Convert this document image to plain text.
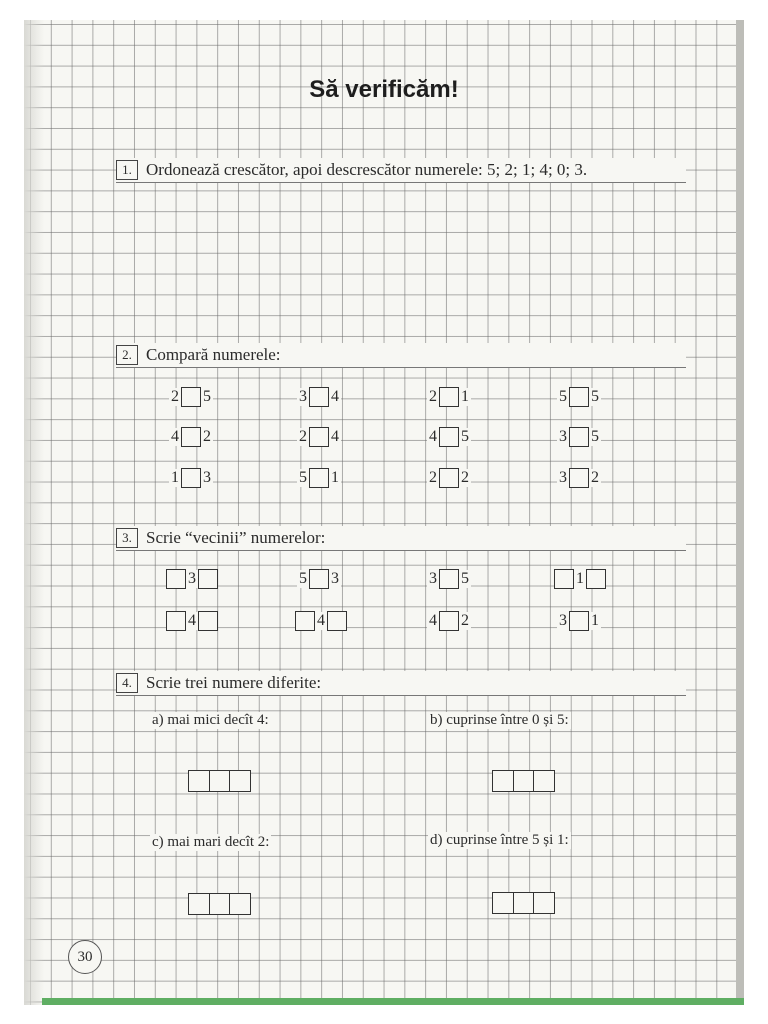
Să verificăm!
1. Ordonează crescător, apoi descrescător numerele: 5; 2; 1; 4; 0; 3.
2. Compară numerele:
2 5	3 4	2 1	5 5
4 2	2 4	4 5	3 5
1 3	5 1	2 2	3 2
3. Scrie “vecinii” numerelor:
3	5 3	3 5	1
4	4	4 2	3 1
4. Scrie trei numere diferite:
a) mai mici decît 4:	b) cuprinse între 0 și 5:
c) mai mari decît 2:	d) cuprinse între 5 și 1:
30
